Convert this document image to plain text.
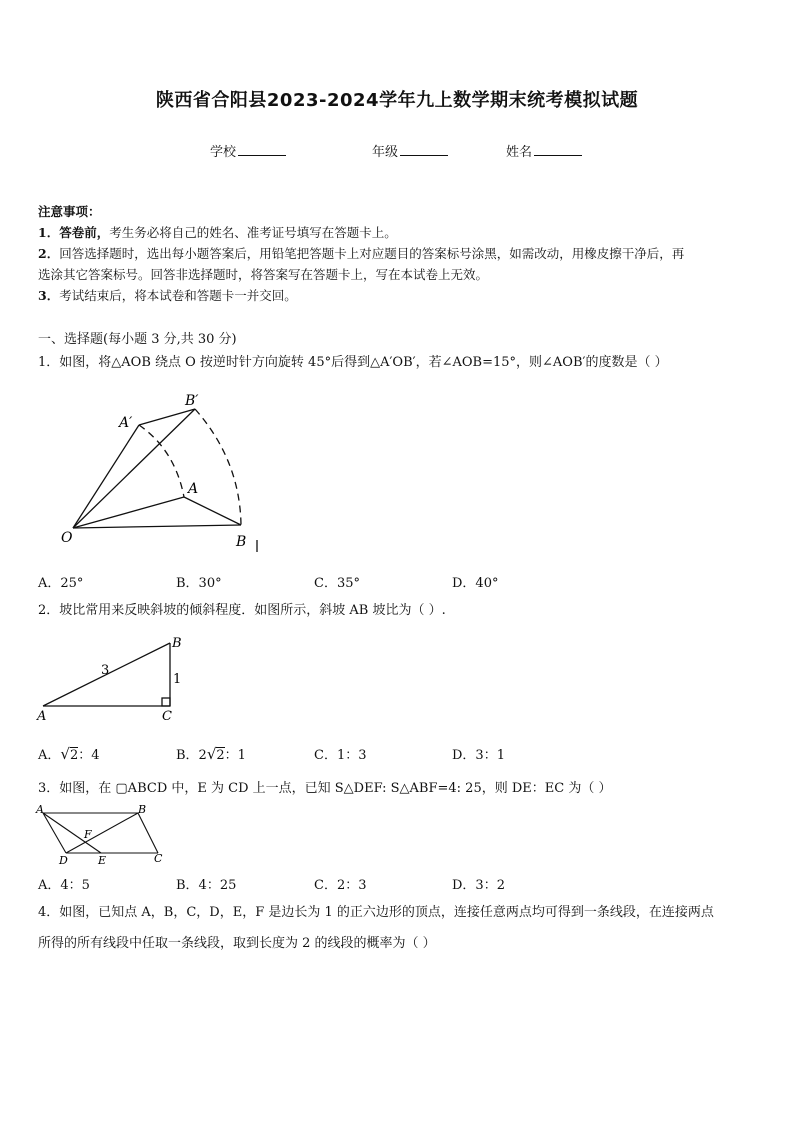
陕西省合阳县2023-2024学年九上数学期末统考模拟试题
学校	年级	姓名
注意事项：
1．答卷前，考生务必将自己的姓名、准考证号填写在答题卡上。
2．回答选择题时，选出每小题答案后，用铅笔把答题卡上对应题目的答案标号涂黑，如需改动，用橡皮擦干净后，再
选涂其它答案标号。回答非选择题时，将答案写在答题卡上，写在本试卷上无效。
3．考试结束后，将本试卷和答题卡一并交回。
一、选择题(每小题 3 分,共 30 分)
1．如图，将△AOB 绕点 O 按逆时针方向旋转 45°后得到△A′OB′，若∠AOB=15°，则∠AOB′的度数是（ ）
A′
B′
A
O	B
A．25°	B．30°	C．35°	D．40°
2．坡比常用来反映斜坡的倾斜程度．如图所示，斜坡 AB 坡比为（ ）.
A
B
C
3
1
A．√2：4	B．2√2：1	C．1：3	D．3：1
3．如图，在 ▢ABCD 中，E 为 CD 上一点，已知 S△DEF: S△ABF=4: 25，则 DE：EC 为（ ）
A	B
F
D	E	C
A．4：5	B．4：25	C．2：3	D．3：2
4．如图，已知点 A，B，C，D，E，F 是边长为 1 的正六边形的顶点，连接任意两点均可得到一条线段，在连接两点
所得的所有线段中任取一条线段，取到长度为 2 的线段的概率为（ ）
